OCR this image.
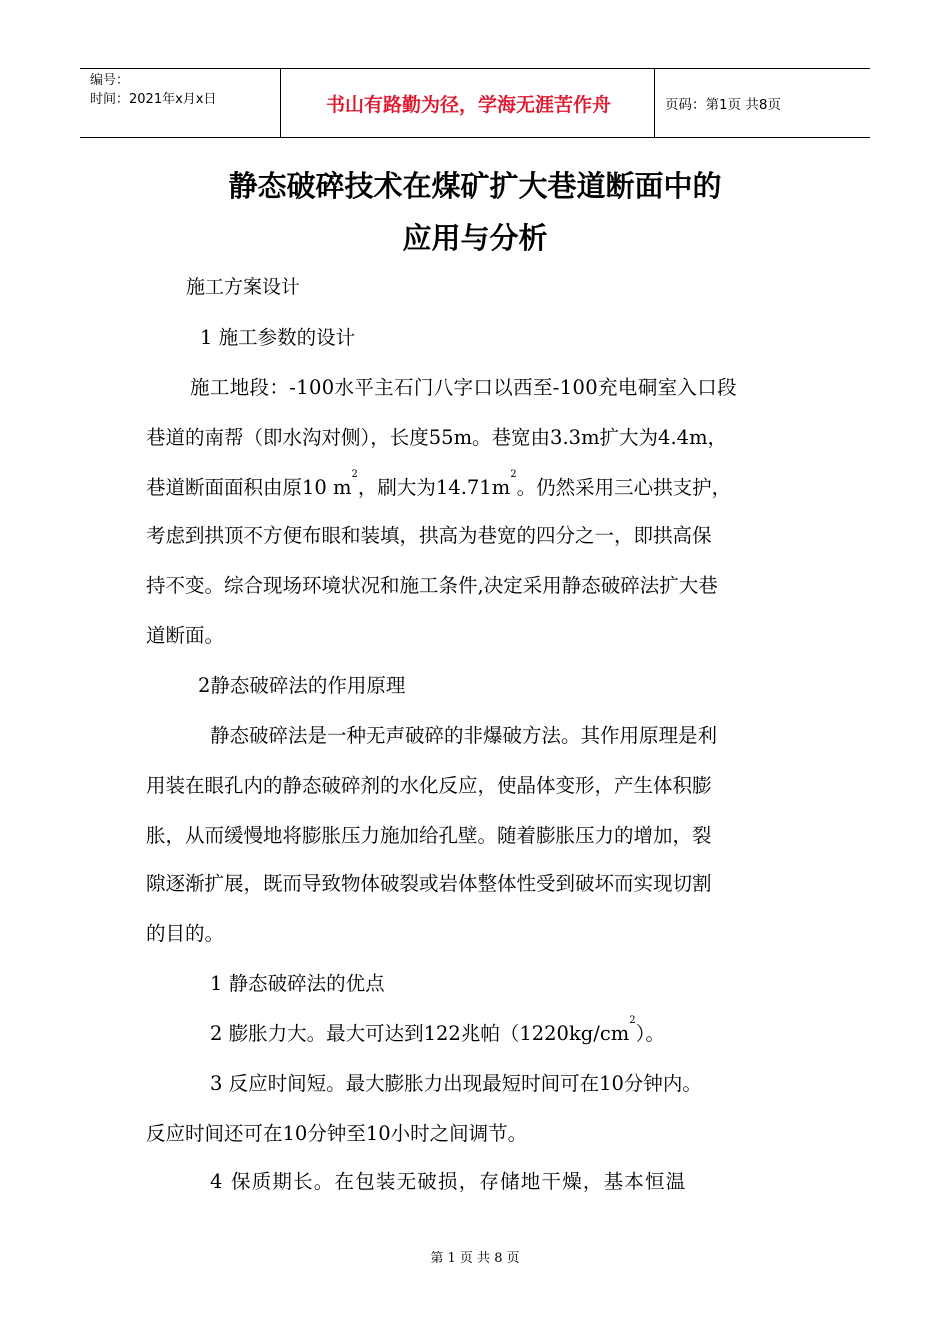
编号：
时间：2021年x月x日	书山有路勤为径，学海无涯苦作舟	页码：第1页 共8页
静态破碎技术在煤矿扩大巷道断面中的
应用与分析
施工方案设计
1 施工参数的设计
施工地段：-100水平主石门八字口以西至-100充电硐室入口段
巷道的南帮（即水沟对侧），长度55m。巷宽由3.3m扩大为4.4m，
巷道断面面积由原10 $m^2$，刷大为$14.71m^2$。仍然采用三心拱支护，
考虑到拱顶不方便布眼和装填，拱高为巷宽的四分之一，即拱高保
持不变。综合现场环境状况和施工条件,决定采用静态破碎法扩大巷
道断面。
2静态破碎法的作用原理
静态破碎法是一种无声破碎的非爆破方法。其作用原理是利
用装在眼孔内的静态破碎剂的水化反应，使晶体变形，产生体积膨
胀，从而缓慢地将膨胀压力施加给孔壁。随着膨胀压力的增加，裂
隙逐渐扩展，既而导致物体破裂或岩体整体性受到破坏而实现切割
的目的。
1 静态破碎法的优点
2 膨胀力大。最大可达到122兆帕$(1220kg/cm^2)$。
3 反应时间短。最大膨胀力出现最短时间可在10分钟内。
反应时间还可在10分钟至10小时之间调节。
4 保质期长。在包装无破损，存储地干燥，基本恒温
第 1 页 共 8 页
